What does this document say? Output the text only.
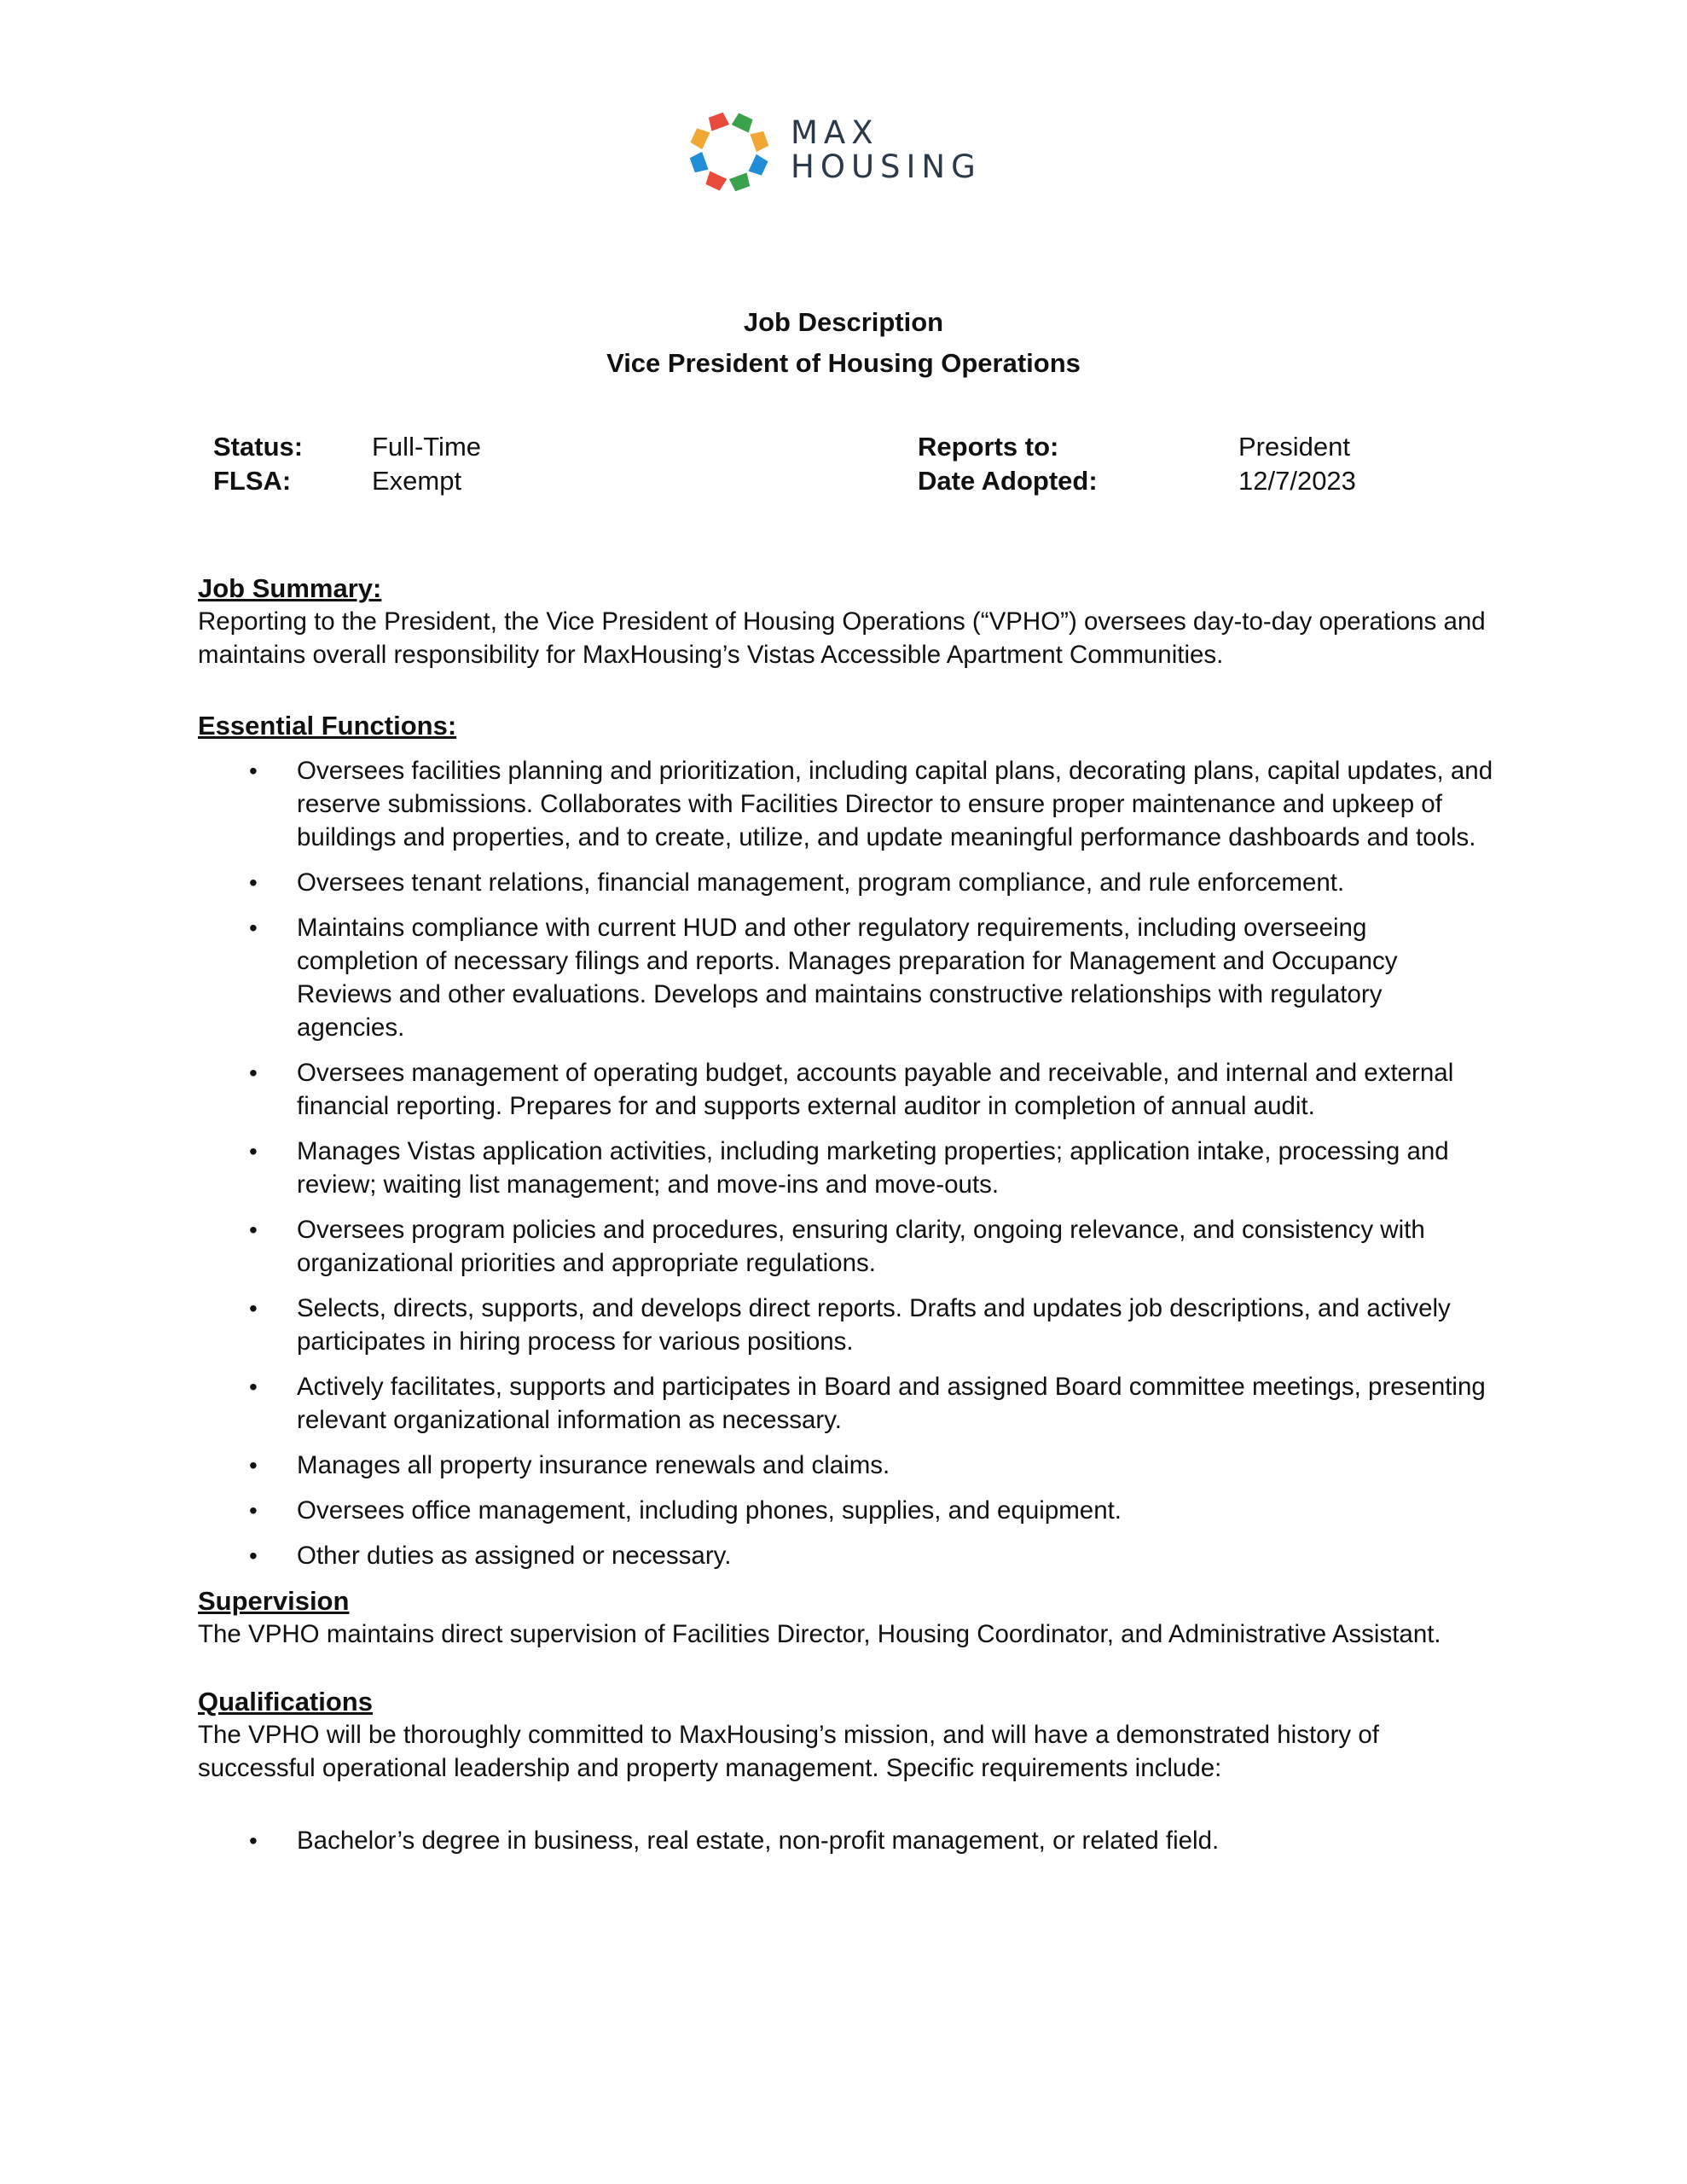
MAX
HOUSING
Job Description
Vice President of Housing Operations
Status:
FLSA:
Full-Time
Exempt
Reports to:
Date Adopted:
President
12/7/2023
Job Summary:

Reporting to the President, the Vice President of Housing Operations (“VPHO”) oversees day-to-day operations and maintains overall responsibility for MaxHousing’s Vistas Accessible Apartment Communities.

Essential Functions:
• Oversees facilities planning and prioritization, including capital plans, decorating plans, capital updates, and reserve submissions. Collaborates with Facilities Director to ensure proper maintenance and upkeep of buildings and properties, and to create, utilize, and update meaningful performance dashboards and tools.
• Oversees tenant relations, financial management, program compliance, and rule enforcement.
• Maintains compliance with current HUD and other regulatory requirements, including overseeing completion of necessary filings and reports. Manages preparation for Management and Occupancy Reviews and other evaluations. Develops and maintains constructive relationships with regulatory agencies.
• Oversees management of operating budget, accounts payable and receivable, and internal and external financial reporting. Prepares for and supports external auditor in completion of annual audit.
• Manages Vistas application activities, including marketing properties; application intake, processing and review; waiting list management; and move-ins and move-outs.
• Oversees program policies and procedures, ensuring clarity, ongoing relevance, and consistency with organizational priorities and appropriate regulations.
• Selects, directs, supports, and develops direct reports. Drafts and updates job descriptions, and actively participates in hiring process for various positions.
• Actively facilitates, supports and participates in Board and assigned Board committee meetings, presenting relevant organizational information as necessary.
• Manages all property insurance renewals and claims.
• Oversees office management, including phones, supplies, and equipment.
• Other duties as assigned or necessary.
Supervision

The VPHO maintains direct supervision of Facilities Director, Housing Coordinator, and Administrative Assistant.

Qualifications

The VPHO will be thoroughly committed to MaxHousing’s mission, and will have a demonstrated history of successful operational leadership and property management. Specific requirements include:

• Bachelor’s degree in business, real estate, non-profit management, or related field.
